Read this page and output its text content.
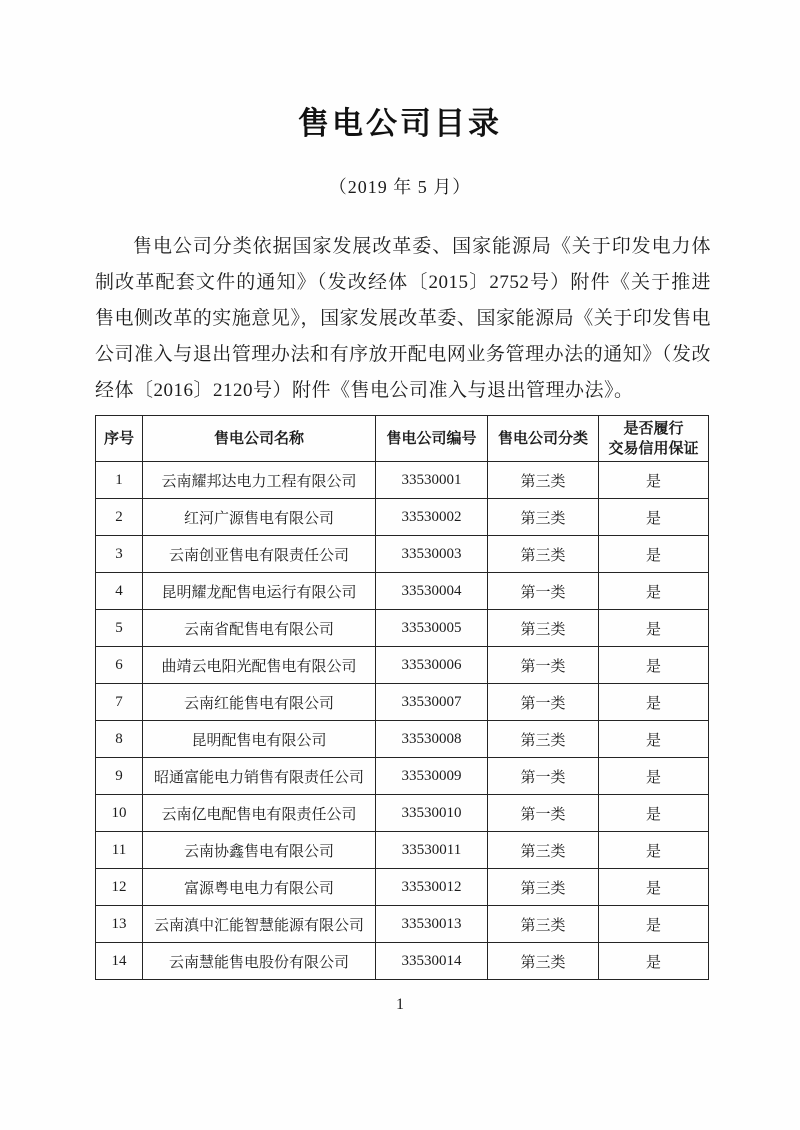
售电公司目录
（2019 年 5 月）
售电公司分类依据国家发展改革委、国家能源局《关于印发电力体制改革配套文件的通知》（发改经体〔2015〕2752号）附件《关于推进售电侧改革的实施意见》，国家发展改革委、国家能源局《关于印发售电公司准入与退出管理办法和有序放开配电网业务管理办法的通知》（发改经体〔2016〕2120号）附件《售电公司准入与退出管理办法》。
序号	售电公司名称	售电公司编号	售电公司分类	是否履行
交易信用保证

1	云南耀邦达电力工程有限公司	33530001	第三类	是
2	红河广源售电有限公司	33530002	第三类	是
3	云南创亚售电有限责任公司	33530003	第三类	是
4	昆明耀龙配售电运行有限公司	33530004	第一类	是
5	云南省配售电有限公司	33530005	第三类	是
6	曲靖云电阳光配售电有限公司	33530006	第一类	是
7	云南红能售电有限公司	33530007	第一类	是
8	昆明配售电有限公司	33530008	第三类	是
9	昭通富能电力销售有限责任公司	33530009	第一类	是
10	云南亿电配售电有限责任公司	33530010	第一类	是
11	云南协鑫售电有限公司	33530011	第三类	是
12	富源粤电电力有限公司	33530012	第三类	是
13	云南滇中汇能智慧能源有限公司	33530013	第三类	是
14	云南慧能售电股份有限公司	33530014	第三类	是
1
